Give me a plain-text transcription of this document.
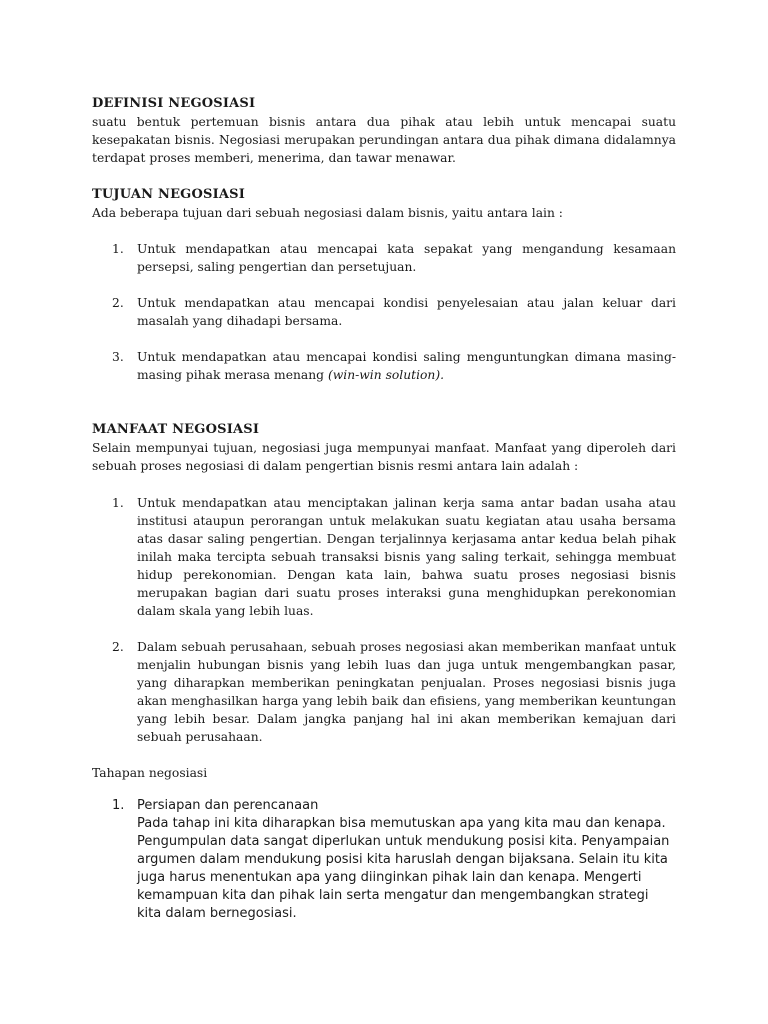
DEFINISI NEGOSIASI

suatu bentuk pertemuan bisnis antara dua pihak atau lebih untuk mencapai suatu kesepakatan bisnis. Negosiasi merupakan perundingan antara dua pihak dimana didalamnya terdapat proses memberi, menerima, dan tawar menawar.

TUJUAN NEGOSIASI

Ada beberapa tujuan dari sebuah negosiasi dalam bisnis, yaitu antara lain :

1. Untuk mendapatkan atau mencapai kata sepakat yang mengandung kesamaan persepsi, saling pengertian dan persetujuan.
2. Untuk mendapatkan atau mencapai kondisi penyelesaian atau jalan keluar dari masalah yang dihadapi bersama.
3. Untuk mendapatkan atau mencapai kondisi saling menguntungkan dimana masing-masing pihak merasa menang (win-win solution).
MANFAAT NEGOSIASI

Selain mempunyai tujuan, negosiasi juga mempunyai manfaat. Manfaat yang diperoleh dari sebuah proses negosiasi di dalam pengertian bisnis resmi antara lain adalah :

1. Untuk mendapatkan atau menciptakan jalinan kerja sama antar badan usaha atau institusi ataupun perorangan untuk melakukan suatu kegiatan atau usaha bersama atas dasar saling pengertian. Dengan terjalinnya kerjasama antar kedua belah pihak inilah maka tercipta sebuah transaksi bisnis yang saling terkait, sehingga membuat hidup perekonomian. Dengan kata lain, bahwa suatu proses negosiasi bisnis merupakan bagian dari suatu proses interaksi guna menghidupkan perekonomian dalam skala yang lebih luas.
2. Dalam sebuah perusahaan, sebuah proses negosiasi akan memberikan manfaat untuk menjalin hubungan bisnis yang lebih luas dan juga untuk mengembangkan pasar, yang diharapkan memberikan peningkatan penjualan. Proses negosiasi bisnis juga akan menghasilkan harga yang lebih baik dan efisiens, yang memberikan keuntungan yang lebih besar. Dalam jangka panjang hal ini akan memberikan kemajuan dari sebuah perusahaan.

Tahapan negosiasi

1. Persiapan dan perencanaan
Pada tahap ini kita diharapkan bisa memutuskan apa yang kita mau dan kenapa. Pengumpulan data sangat diperlukan untuk mendukung posisi kita. Penyampaian argumen dalam mendukung posisi kita haruslah dengan bijaksana. Selain itu kita juga harus menentukan apa yang diinginkan pihak lain dan kenapa. Mengerti kemampuan kita dan pihak lain serta mengatur dan mengembangkan strategi kita dalam bernegosiasi.
